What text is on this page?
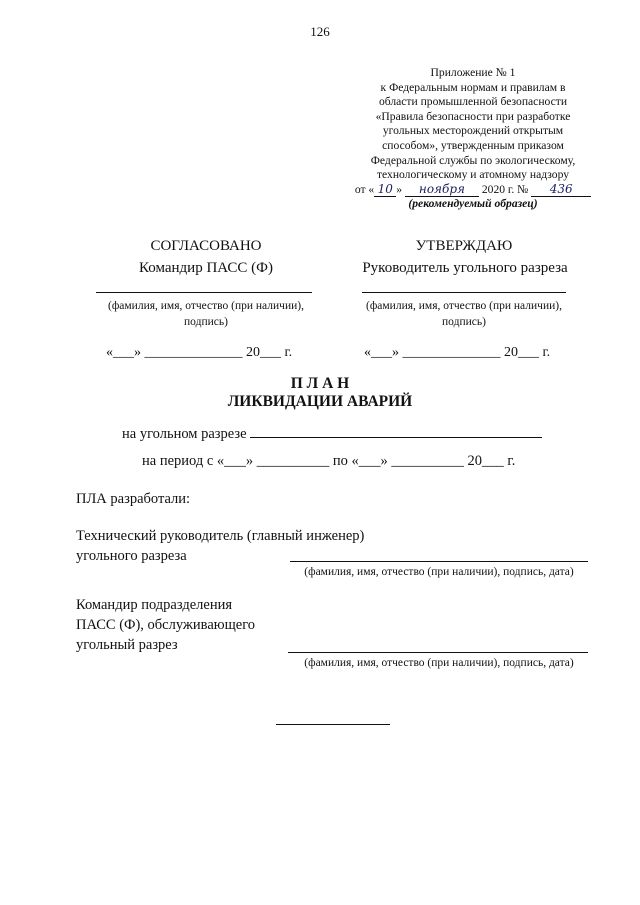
126
Приложение № 1
к Федеральным нормам и правилам в
области промышленной безопасности
«Правила безопасности при разработке
угольных месторождений открытым
способом», утвержденным приказом
Федеральной службы по экологическому,
технологическому и атомному надзору
от « 10 » ноября 2020 г. № 436
(рекомендуемый образец)
СОГЛАСОВАНО
Командир ПАСС (Ф)
(фамилия, имя, отчество (при наличии), подпись)
«___» ______________ 20___ г.
УТВЕРЖДАЮ
Руководитель угольного разреза
(фамилия, имя, отчество (при наличии), подпись)
«___» ______________ 20___ г.
П Л А Н
ЛИКВИДАЦИИ АВАРИЙ
на угольном разрезе
на период с «___» __________ по «___» __________ 20___ г.
ПЛА разработали:
Технический руководитель (главный инженер)
угольного разреза
(фамилия, имя, отчество (при наличии), подпись, дата)
Командир подразделения
ПАСС (Ф), обслуживающего
угольный разрез
(фамилия, имя, отчество (при наличии), подпись, дата)
